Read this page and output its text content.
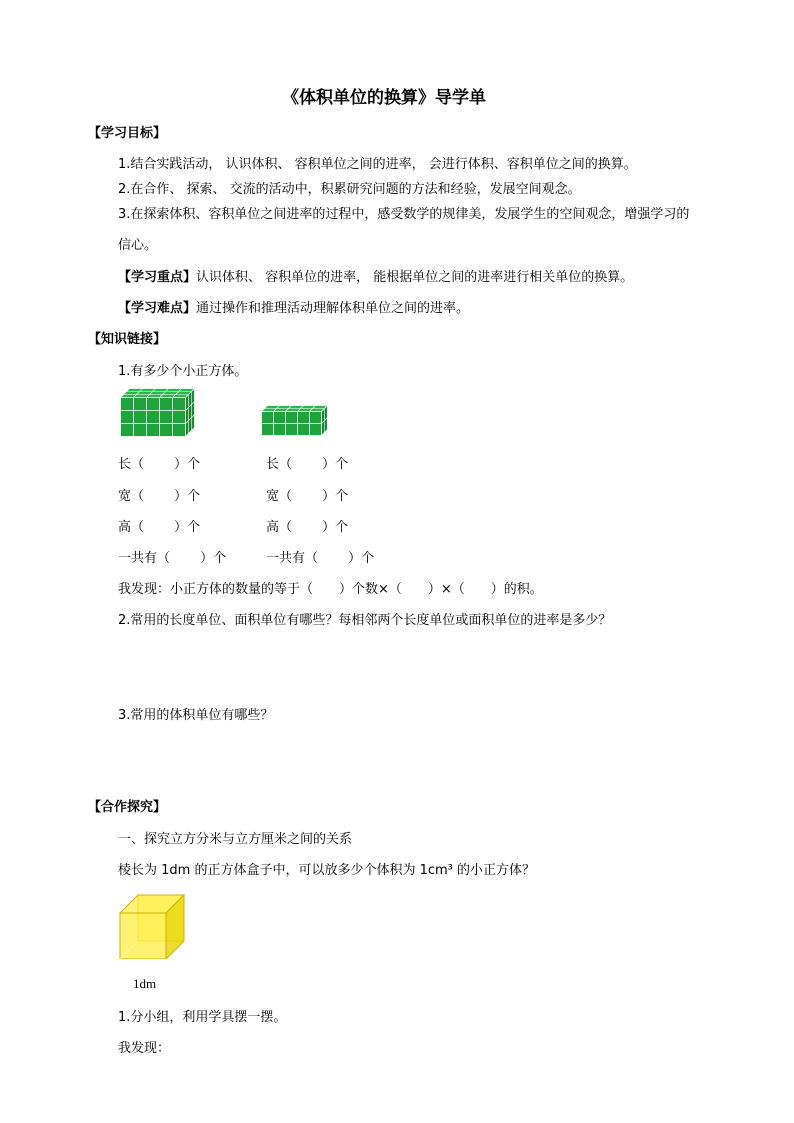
《体积单位的换算》导学单
【学习目标】
1.结合实践活动， 认识体积、 容积单位之间的进率， 会进行体积、容积单位之间的换算。
2.在合作、 探索、 交流的活动中，积累研究问题的方法和经验，发展空间观念。
3.在探索体积、容积单位之间进率的过程中，感受数学的规律美，发展学生的空间观念，增强学习的
信心。
【学习重点】认识体积、 容积单位的进率， 能根据单位之间的进率进行相关单位的换算。
【学习难点】通过操作和推理活动理解体积单位之间的进率。
【知识链接】
1.有多少个小正方体。
长（　　 ）个
宽（　　 ）个
高（　　 ）个
一共有（　　 ）个
长（　　 ）个
宽（　　 ）个
高（　　 ）个
一共有（　　 ）个
我发现：小正方体的数量的等于（　　）个数×（　　）×（　　）的积。
2.常用的长度单位、面积单位有哪些？每相邻两个长度单位或面积单位的进率是多少？
3.常用的体积单位有哪些？
【合作探究】
一、探究立方分米与立方厘米之间的关系
棱长为 1dm 的正方体盒子中，可以放多少个体积为 1cm³ 的小正方体？
1dm
1.分小组，利用学具摆一摆。
我发现：
